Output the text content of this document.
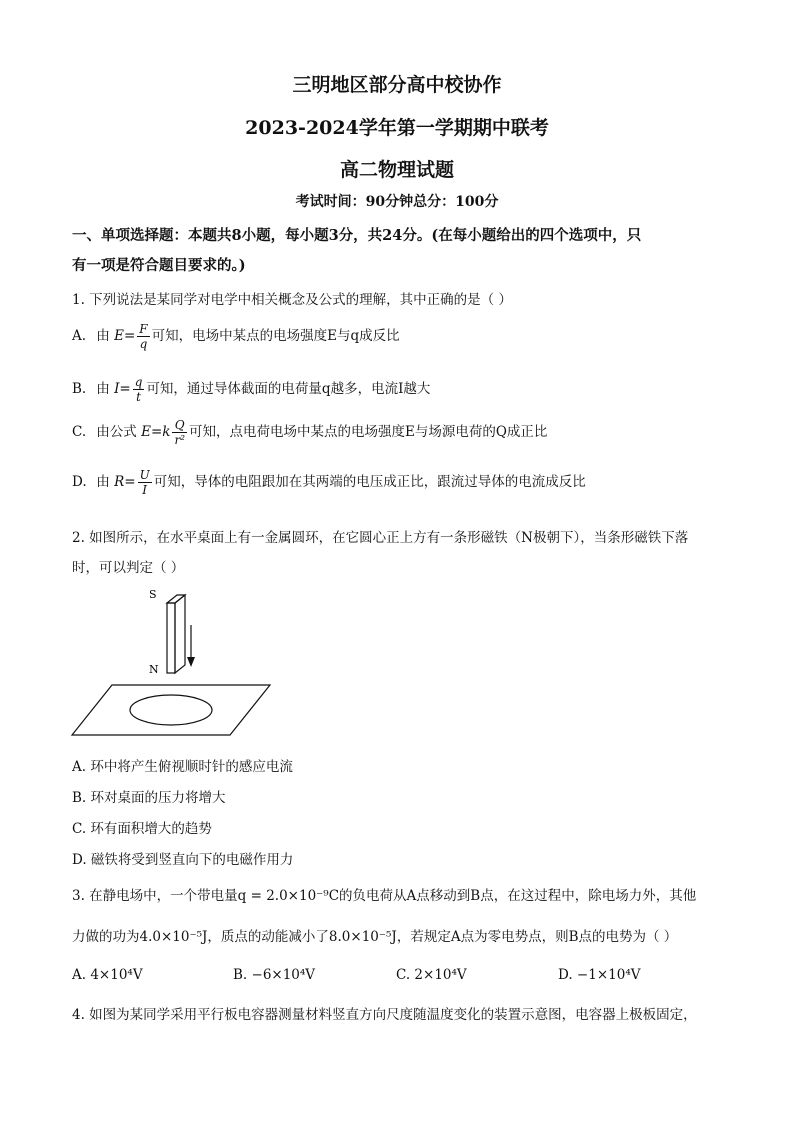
三明地区部分高中校协作
2023-2024学年第一学期期中联考
高二物理试题
考试时间：90分钟总分：100分
一、单项选择题：本题共8小题，每小题3分，共24分。(在每小题给出的四个选项中，只
有一项是符合题目要求的。)
1. 下列说法是某同学对电学中相关概念及公式的理解，其中正确的是（ ）
A. 由 $E= \frac{F}{q}$ 可知，电场中某点的电场强度E与q成反比
B. 由 $I= \frac{q}{t}$ 可知，通过导体截面的电荷量q越多，电流I越大
C. 由公式 $E=k \frac{Q}{\text{r²}}$ 可知，点电荷电场中某点的电场强度E与场源电荷的Q成正比
D. 由 $R= \frac{U}{I}$ 可知，导体的电阻跟加在其两端的电压成正比，跟流过导体的电流成反比
2. 如图所示，在水平桌面上有一金属圆环，在它圆心正上方有一条形磁铁（N极朝下），当条形磁铁下落
时，可以判定（ ）
S
N
A. 环中将产生俯视顺时针的感应电流
B. 环对桌面的压力将增大
C. 环有面积增大的趋势
D. 磁铁将受到竖直向下的电磁作用力
3. 在静电场中，一个带电量q = 2.0×10⁻⁹C的负电荷从A点移动到B点，在这过程中，除电场力外，其他
力做的功为4.0×10⁻⁵J，质点的动能减小了8.0×10⁻⁵J，若规定A点为零电势点，则B点的电势为（ ）
A. 4×10⁴V	B. −6×10⁴V	C. 2×10⁴V	D. −1×10⁴V
4. 如图为某同学采用平行板电容器测量材料竖直方向尺度随温度变化的装置示意图，电容器上极板固定，
